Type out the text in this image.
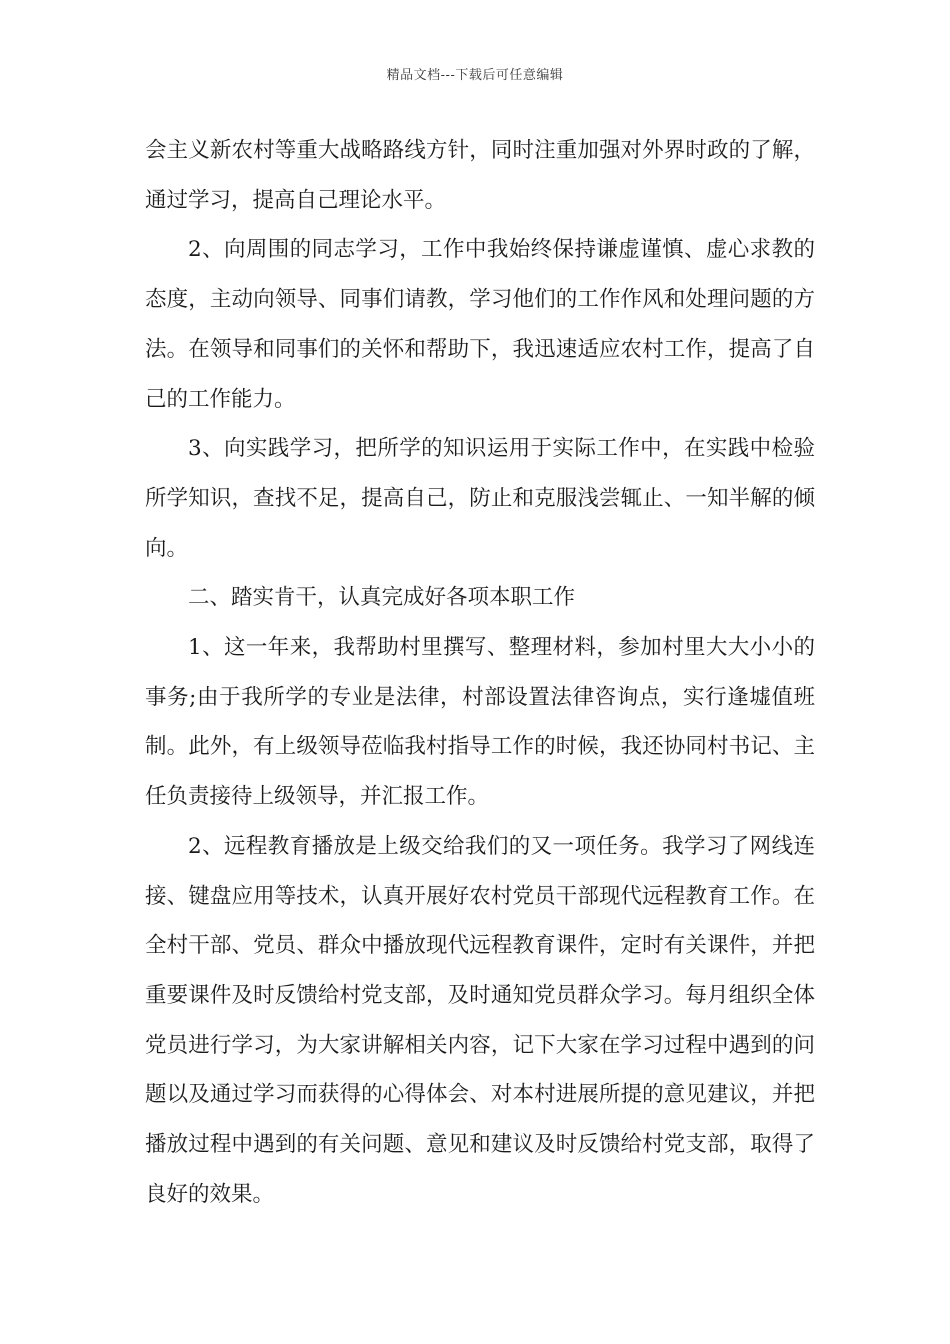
精品文档---下载后可任意编辑

会主义新农村等重大战略路线方针，同时注重加强对外界时政的了解，通过学习，提高自己理论水平。

2、向周围的同志学习，工作中我始终保持谦虚谨慎、虚心求教的态度，主动向领导、同事们请教，学习他们的工作作风和处理问题的方法。在领导和同事们的关怀和帮助下，我迅速适应农村工作，提高了自己的工作能力。

3、向实践学习，把所学的知识运用于实际工作中，在实践中检验所学知识，查找不足，提高自己，防止和克服浅尝辄止、一知半解的倾向。

二、踏实肯干，认真完成好各项本职工作

1、这一年来，我帮助村里撰写、整理材料，参加村里大大小小的事务;由于我所学的专业是法律，村部设置法律咨询点，实行逢墟值班制。此外，有上级领导莅临我村指导工作的时候，我还协同村书记、主任负责接待上级领导，并汇报工作。

2、远程教育播放是上级交给我们的又一项任务。我学习了网线连接、键盘应用等技术，认真开展好农村党员干部现代远程教育工作。在全村干部、党员、群众中播放现代远程教育课件，定时有关课件，并把重要课件及时反馈给村党支部，及时通知党员群众学习。每月组织全体党员进行学习，为大家讲解相关内容，记下大家在学习过程中遇到的问题以及通过学习而获得的心得体会、对本村进展所提的意见建议，并把播放过程中遇到的有关问题、意见和建议及时反馈给村党支部，取得了良好的效果。
